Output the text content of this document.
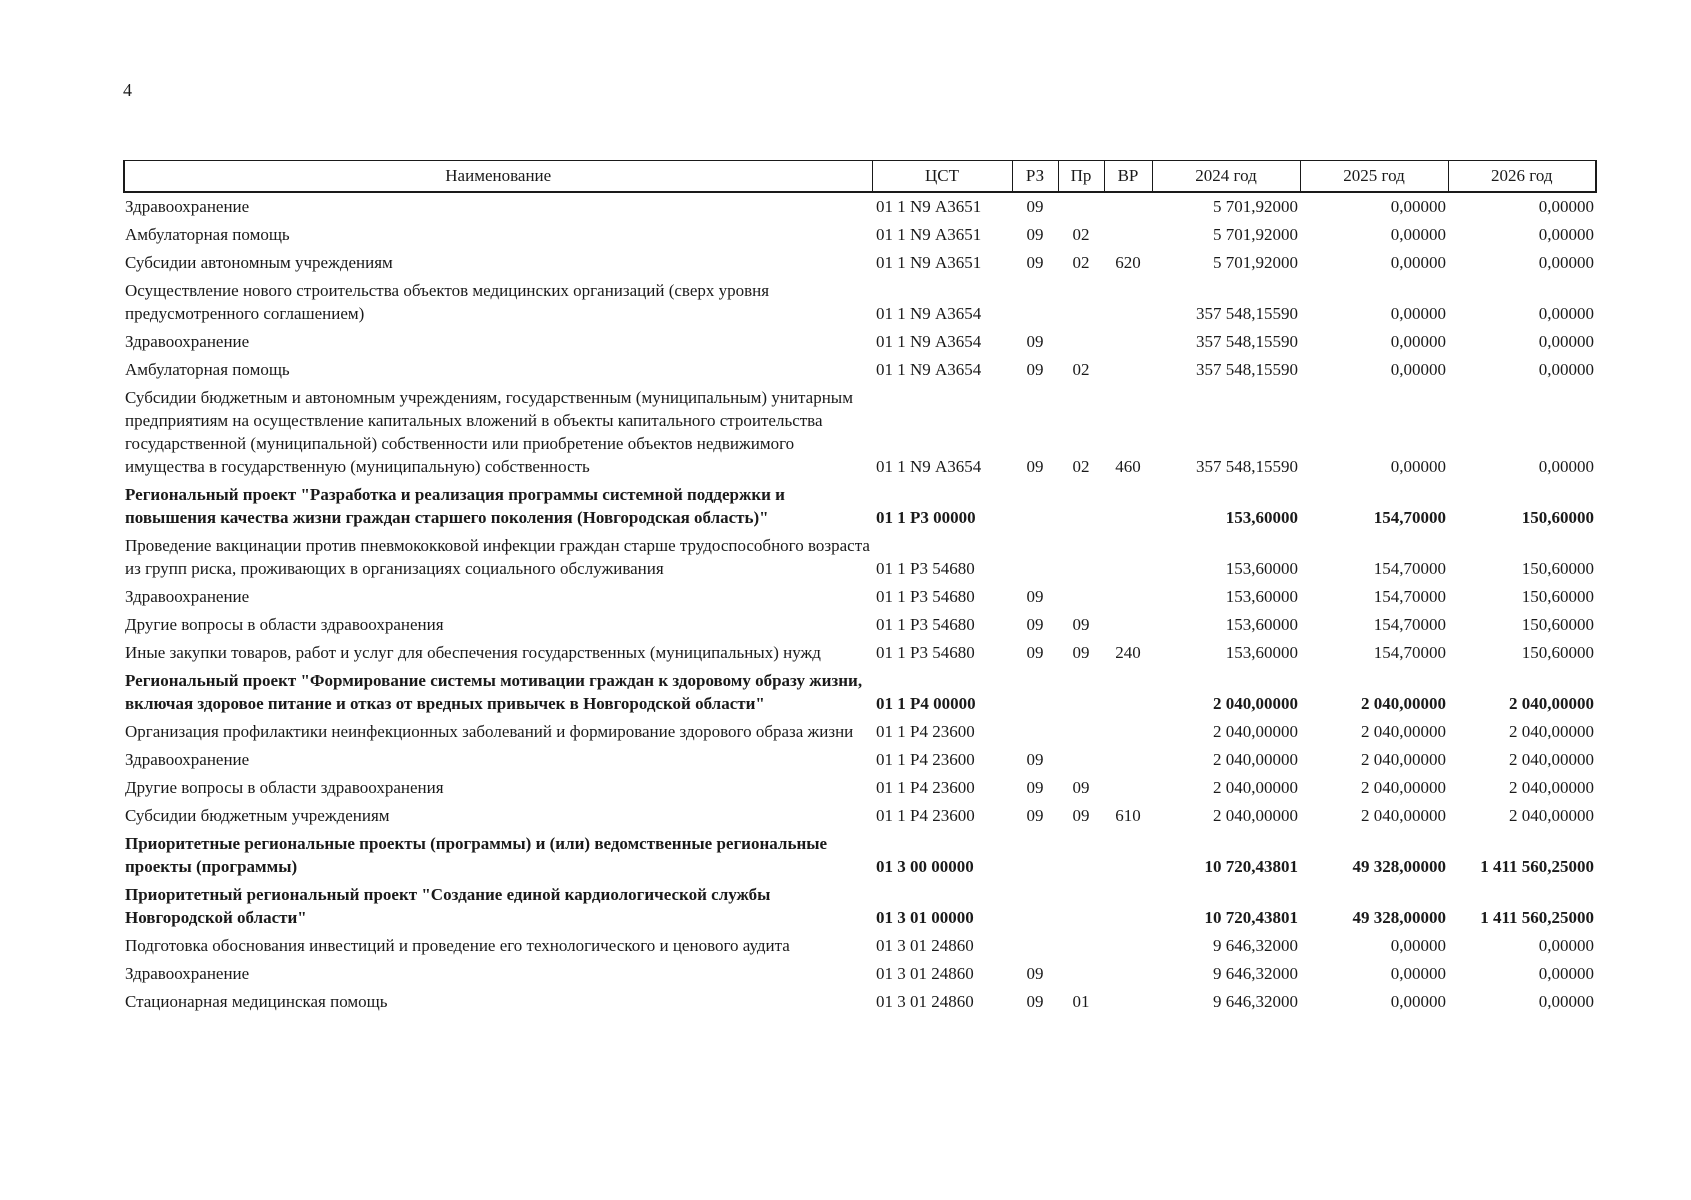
4
Наименование	ЦСТ	РЗ	Пр	ВР	2024 год	2025 год	2026 год
Здравоохранение	01 1 N9 А3651	09			5 701,92000	0,00000	0,00000
Амбулаторная помощь	01 1 N9 А3651	09	02		5 701,92000	0,00000	0,00000
Субсидии автономным учреждениям	01 1 N9 А3651	09	02	620	5 701,92000	0,00000	0,00000
Осуществление нового строительства объектов медицинских организаций (сверх уровня предусмотренного соглашением)	01 1 N9 А3654				357 548,15590	0,00000	0,00000
Здравоохранение	01 1 N9 А3654	09			357 548,15590	0,00000	0,00000
Амбулаторная помощь	01 1 N9 А3654	09	02		357 548,15590	0,00000	0,00000
Субсидии бюджетным и автономным учреждениям, государственным (муниципальным) унитарным предприятиям на осуществление капитальных вложений в объекты капитального строительства государственной (муниципальной) собственности или приобретение объектов недвижимого имущества в государственную (муниципальную) собственность	01 1 N9 А3654	09	02	460	357 548,15590	0,00000	0,00000
Региональный проект "Разработка и реализация программы системной поддержки и повышения качества жизни граждан старшего поколения (Новгородская область)"	01 1 Р3 00000				153,60000	154,70000	150,60000
Проведение вакцинации против пневмококковой инфекции граждан старше трудоспособного возраста из групп риска, проживающих в организациях социального обслуживания	01 1 Р3 54680				153,60000	154,70000	150,60000
Здравоохранение	01 1 Р3 54680	09			153,60000	154,70000	150,60000
Другие вопросы в области здравоохранения	01 1 Р3 54680	09	09		153,60000	154,70000	150,60000
Иные закупки товаров, работ и услуг для обеспечения государственных (муниципальных) нужд	01 1 Р3 54680	09	09	240	153,60000	154,70000	150,60000
Региональный проект "Формирование системы мотивации граждан к здоровому образу жизни, включая здоровое питание и отказ от вредных привычек в Новгородской области"	01 1 Р4 00000				2 040,00000	2 040,00000	2 040,00000
Организация профилактики неинфекционных заболеваний и формирование здорового образа жизни	01 1 Р4 23600				2 040,00000	2 040,00000	2 040,00000
Здравоохранение	01 1 Р4 23600	09			2 040,00000	2 040,00000	2 040,00000
Другие вопросы в области здравоохранения	01 1 Р4 23600	09	09		2 040,00000	2 040,00000	2 040,00000
Субсидии бюджетным учреждениям	01 1 Р4 23600	09	09	610	2 040,00000	2 040,00000	2 040,00000
Приоритетные региональные проекты (программы) и (или) ведомственные региональные проекты (программы)	01 3 00 00000				10 720,43801	49 328,00000	1 411 560,25000
Приоритетный региональный проект "Создание единой кардиологической службы Новгородской области"	01 3 01 00000				10 720,43801	49 328,00000	1 411 560,25000
Подготовка обоснования инвестиций и проведение его технологического и ценового аудита	01 3 01 24860				9 646,32000	0,00000	0,00000
Здравоохранение	01 3 01 24860	09			9 646,32000	0,00000	0,00000
Стационарная медицинская помощь	01 3 01 24860	09	01		9 646,32000	0,00000	0,00000
